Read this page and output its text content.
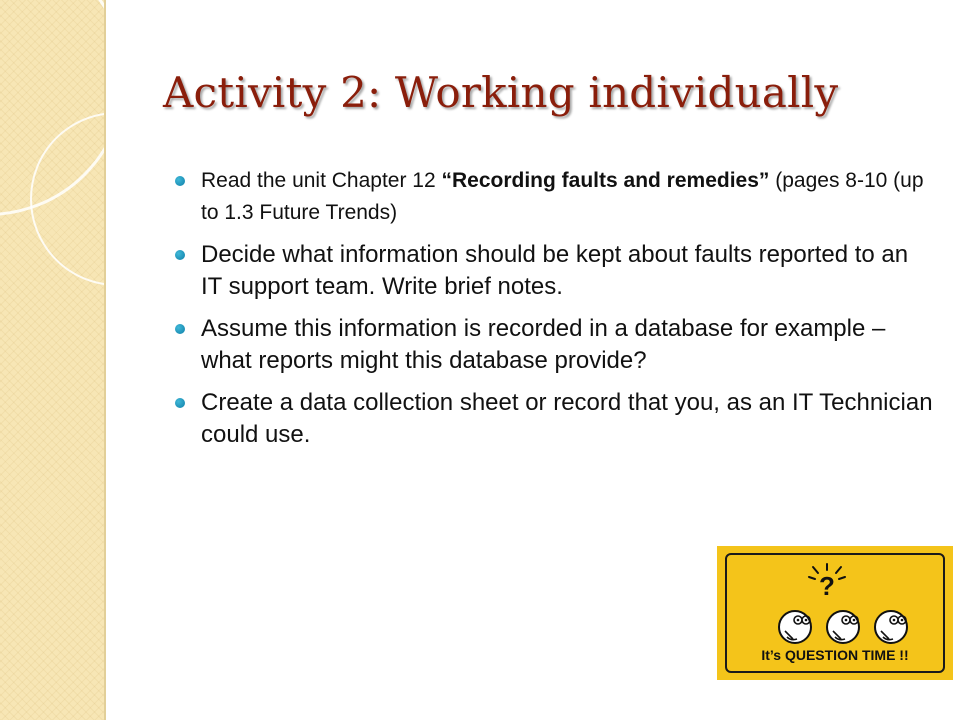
Activity 2: Working individually
Read the unit Chapter 12 “Recording faults and remedies” (pages 8-10 (up to 1.3 Future Trends)
Decide what information should be kept about faults reported to an IT support team. Write brief notes.
Assume this information is recorded in a database for example – what reports might this database provide?
Create a data collection sheet or record that you, as an IT Technician could use.
?
It’s QUESTION TIME !!
